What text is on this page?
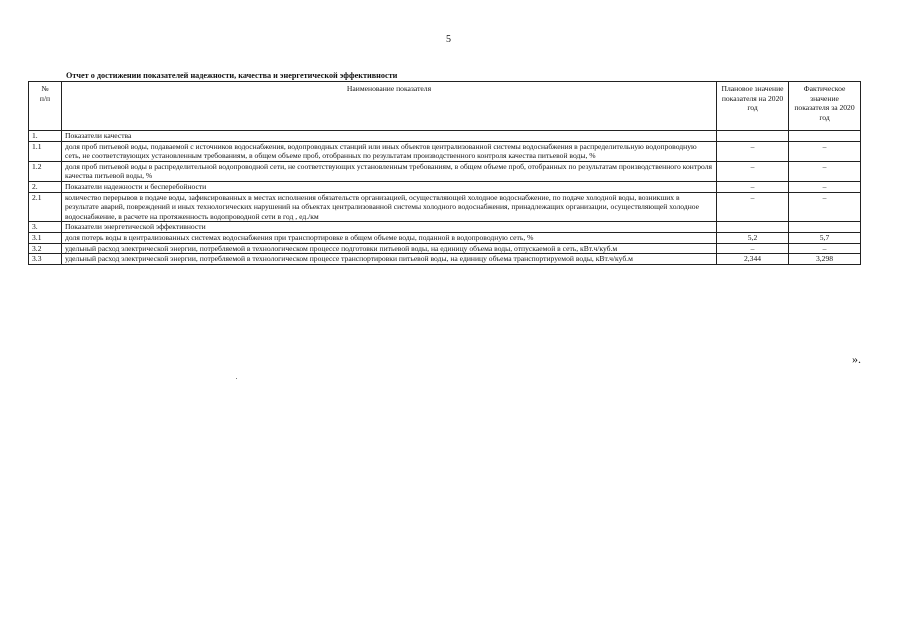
5
Отчет о достижении показателей надежности, качества и энергетической эффективности
№
п/п	Наименование показателя	Плановое значение показателя на 2020 год	Фактическое значение показателя за 2020 год
1.	Показатели качества		
1.1	доля проб питьевой воды, подаваемой с источников водоснабжения, водопроводных станций или иных объектов централизованной системы водоснабжения в распределительную водопроводную сеть, не соответствующих установленным требованиям, в общем объеме проб, отобранных по результатам производственного контроля качества питьевой воды, %	–	–
1.2	доля проб питьевой воды в распределительной водопроводной сети, не соответствующих установленным требованиям, в общем объеме проб, отобранных по результатам производственного контроля качества питьевой воды, %	–	–
2.	Показатели надежности и бесперебойности	–	–
2.1	количество перерывов в подаче воды, зафиксированных в местах исполнения обязательств организацией, осуществляющей холодное водоснабжение, по подаче холодной воды, возникших в результате аварий, повреждений и иных технологических нарушений на объектах централизованной системы холодного водоснабжения, принадлежащих организации, осуществляющей холодное водоснабжение, в расчете на протяженность водопроводной сети в год , ед./км	–	–
3.	Показатели энергетической эффективности		
3.1	доля потерь воды в централизованных системах водоснабжения при транспортировке в общем объеме воды, поданной в водопроводную сеть, %	5,2	5,7
3.2	удельный расход электрической энергии, потребляемой в технологическом процессе подготовки питьевой воды, на единицу объема воды, отпускаемой в сеть, кВт.ч/куб.м	–	–
3.3	удельный расход электрической энергии, потребляемой в технологическом процессе транспортировки питьевой воды, на единицу объема транспортируемой воды, кВт.ч/куб.м	2,344	3,298
».
